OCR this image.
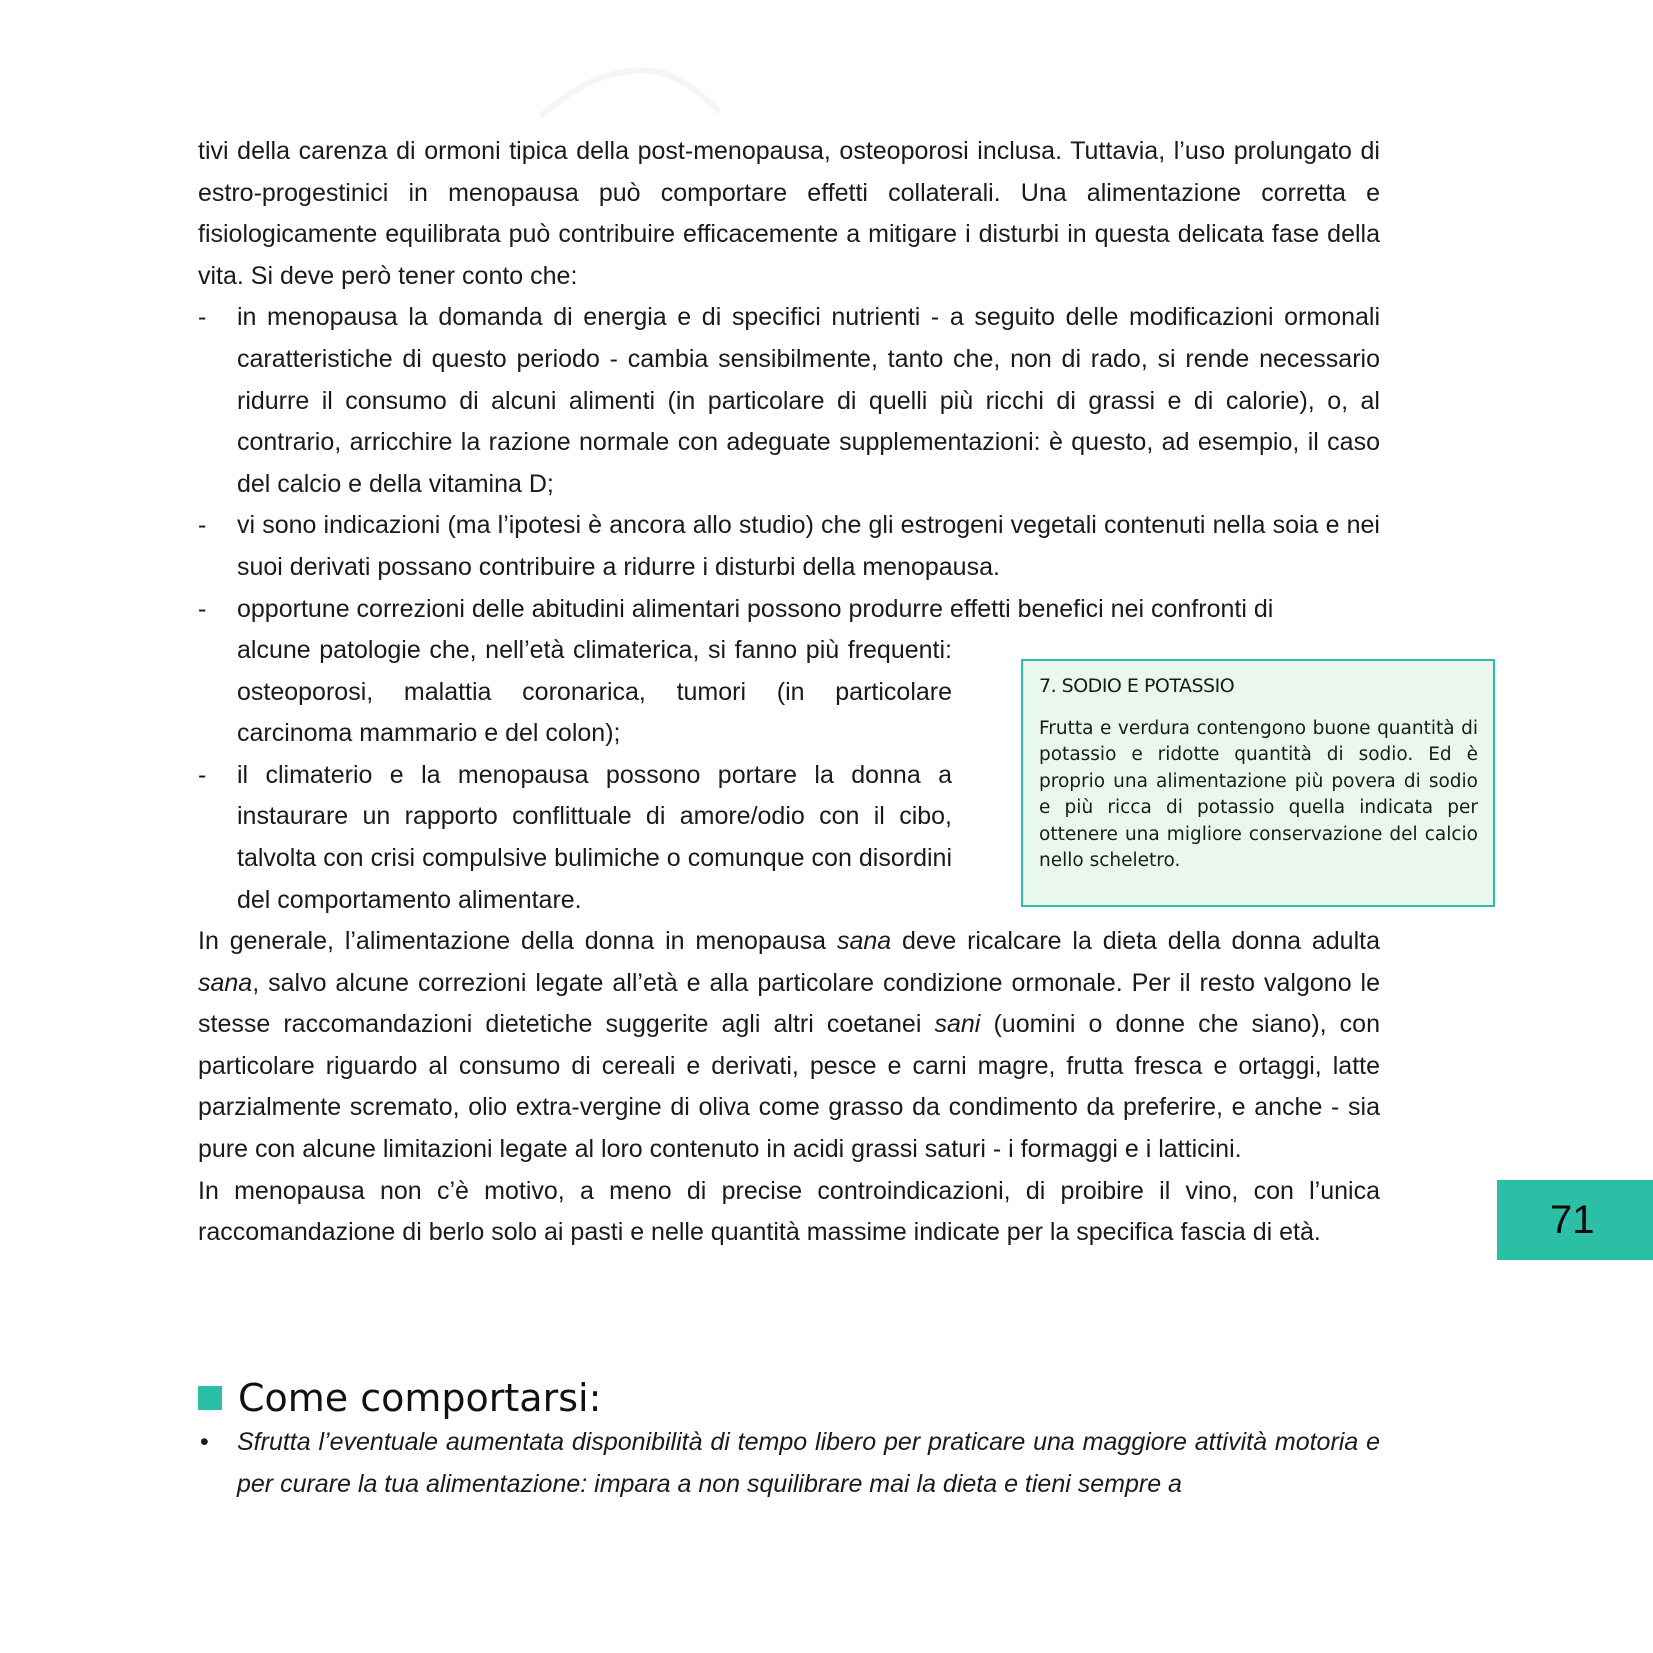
tivi della carenza di ormoni tipica della post-menopausa, osteoporosi inclusa. Tuttavia, l’uso prolungato di estro-progestinici in menopausa può comportare effetti collaterali. Una alimentazione corretta e fisiologicamente equilibrata può contribuire efficacemente a mitigare i disturbi in questa delicata fase della vita. Si deve però tener conto che:

- in menopausa la domanda di energia e di specifici nutrienti - a seguito delle modificazioni ormonali caratteristiche di questo periodo - cambia sensibilmente, tanto che, non di rado, si rende necessario ridurre il consumo di alcuni alimenti (in particolare di quelli più ricchi di grassi e di calorie), o, al contrario, arricchire la razione normale con adeguate supplementazioni: è questo, ad esempio, il caso del calcio e della vitamina D;
- vi sono indicazioni (ma l’ipotesi è ancora allo studio) che gli estrogeni vegetali contenuti nella soia e nei suoi derivati possano contribuire a ridurre i disturbi della menopausa.
- opportune correzioni delle abitudini alimentari possono produrre effetti benefici nei confronti di
alcune patologie che, nell’età climaterica, si fanno più frequenti: osteoporosi, malattia coronarica, tumori (in particolare carcinoma mammario e del colon);
- il climaterio e la menopausa possono portare la donna a instaurare un rapporto conflittuale di amore/odio con il cibo, talvolta con crisi compulsive bulimiche o comunque con disordini del comportamento alimentare.

In generale, l’alimentazione della donna in menopausa sana deve ricalcare la dieta della donna adulta sana, salvo alcune correzioni legate all’età e alla particolare condizione ormonale. Per il resto valgono le stesse raccomandazioni dietetiche suggerite agli altri coetanei sani (uomini o donne che siano), con particolare riguardo al consumo di cereali e derivati, pesce e carni magre, frutta fresca e ortaggi, latte parzialmente scremato, olio extra-vergine di oliva come grasso da condimento da preferire, e anche - sia pure con alcune limitazioni legate al loro contenuto in acidi grassi saturi - i formaggi e i latticini.

In menopausa non c’è motivo, a meno di precise controindicazioni, di proibire il vino, con l’unica raccomandazione di berlo solo ai pasti e nelle quantità massime indicate per la specifica fascia di età.

7. SODIO E POTASSIO

Frutta e verdura contengono buone quantità di potassio e ridotte quantità di sodio. Ed è proprio una alimentazione più povera di sodio e più ricca di potassio quella indicata per ottenere una migliore conservazione del calcio nello scheletro.

71
Come comportarsi:
• Sfrutta l’eventuale aumentata disponibilità di tempo libero per praticare una maggiore attività motoria e per curare la tua alimentazione: impara a non squilibrare mai la dieta e tieni sempre a
